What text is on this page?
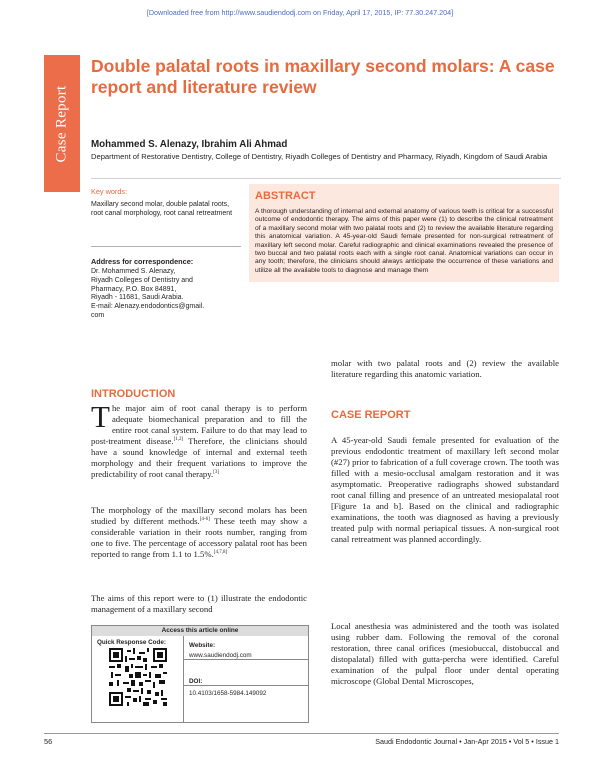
[Downloaded free from http://www.saudiendodj.com on Friday, April 17, 2015, IP: 77.30.247.204]
Case Report
Double palatal roots in maxillary second molars: A case report and literature review
Mohammed S. Alenazy, Ibrahim Ali Ahmad
Department of Restorative Dentistry, College of Dentistry, Riyadh Colleges of Dentistry and Pharmacy, Riyadh, Kingdom of Saudi Arabia
Key words:
Maxillary second molar, double palatal roots, root canal morphology, root canal retreatment
Address for correspondence:
Dr. Mohammed S. Alenazy,
Riyadh Colleges of Dentistry and
Pharmacy, P.O. Box 84891,
Riyadh - 11681, Saudi Arabia.
E-mail: Alenazy.endodontics@gmail.
com
ABSTRACT
A thorough understanding of internal and external anatomy of various teeth is critical for a successful outcome of endodontic therapy. The aims of this paper were (1) to describe the clinical retreatment of a maxillary second molar with two palatal roots and (2) to review the available literature regarding this anatomical variation. A 45-year-old Saudi female presented for non-surgical retreatment of maxillary left second molar. Careful radiographic and clinical examinations revealed the presence of two buccal and two palatal roots each with a single root canal. Anatomical variations can occur in any tooth; therefore, the clinicians should always anticipate the occurrence of these variations and utilize all the available tools to diagnose and manage them
INTRODUCTION
The major aim of root canal therapy is to perform adequate biomechanical preparation and to fill the entire root canal system. Failure to do that may lead to post-treatment disease.[1,2] Therefore, the clinicians should have a sound knowledge of internal and external teeth morphology and their frequent variations to improve the predictability of root canal therapy.[3]
The morphology of the maxillary second molars has been studied by different methods.[4-6] These teeth may show a considerable variation in their roots number, ranging from one to five. The percentage of accessory palatal root has been reported to range from 1.1 to 1.5%.[4,7,8]
The aims of this report were to (1) illustrate the endodontic management of a maxillary second
Access this article online
Quick Response Code:	Website:
www.saudiendodj.com
DOI:
10.4103/1658-5984.149092
molar with two palatal roots and (2) review the available literature regarding this anatomic variation.
CASE REPORT
A 45-year-old Saudi female presented for evaluation of the previous endodontic treatment of maxillary left second molar (#27) prior to fabrication of a full coverage crown. The tooth was filled with a mesio-occlusal amalgam restoration and it was asymptomatic. Preoperative radiographs showed substandard root canal filling and presence of an untreated mesiopalatal root [Figure 1a and b]. Based on the clinical and radiographic examinations, the tooth was diagnosed as having a previously treated pulp with normal periapical tissues. A non-surgical root canal retreatment was planned accordingly.
Local anesthesia was administered and the tooth was isolated using rubber dam. Following the removal of the coronal restoration, three canal orifices (mesiobuccal, distobuccal and distopalatal) filled with gutta-percha were identified. Careful examination of the pulpal floor under dental operating microscope (Global Dental Microscopes,
56	Saudi Endodontic Journal • Jan-Apr 2015 • Vol 5 • Issue 1
